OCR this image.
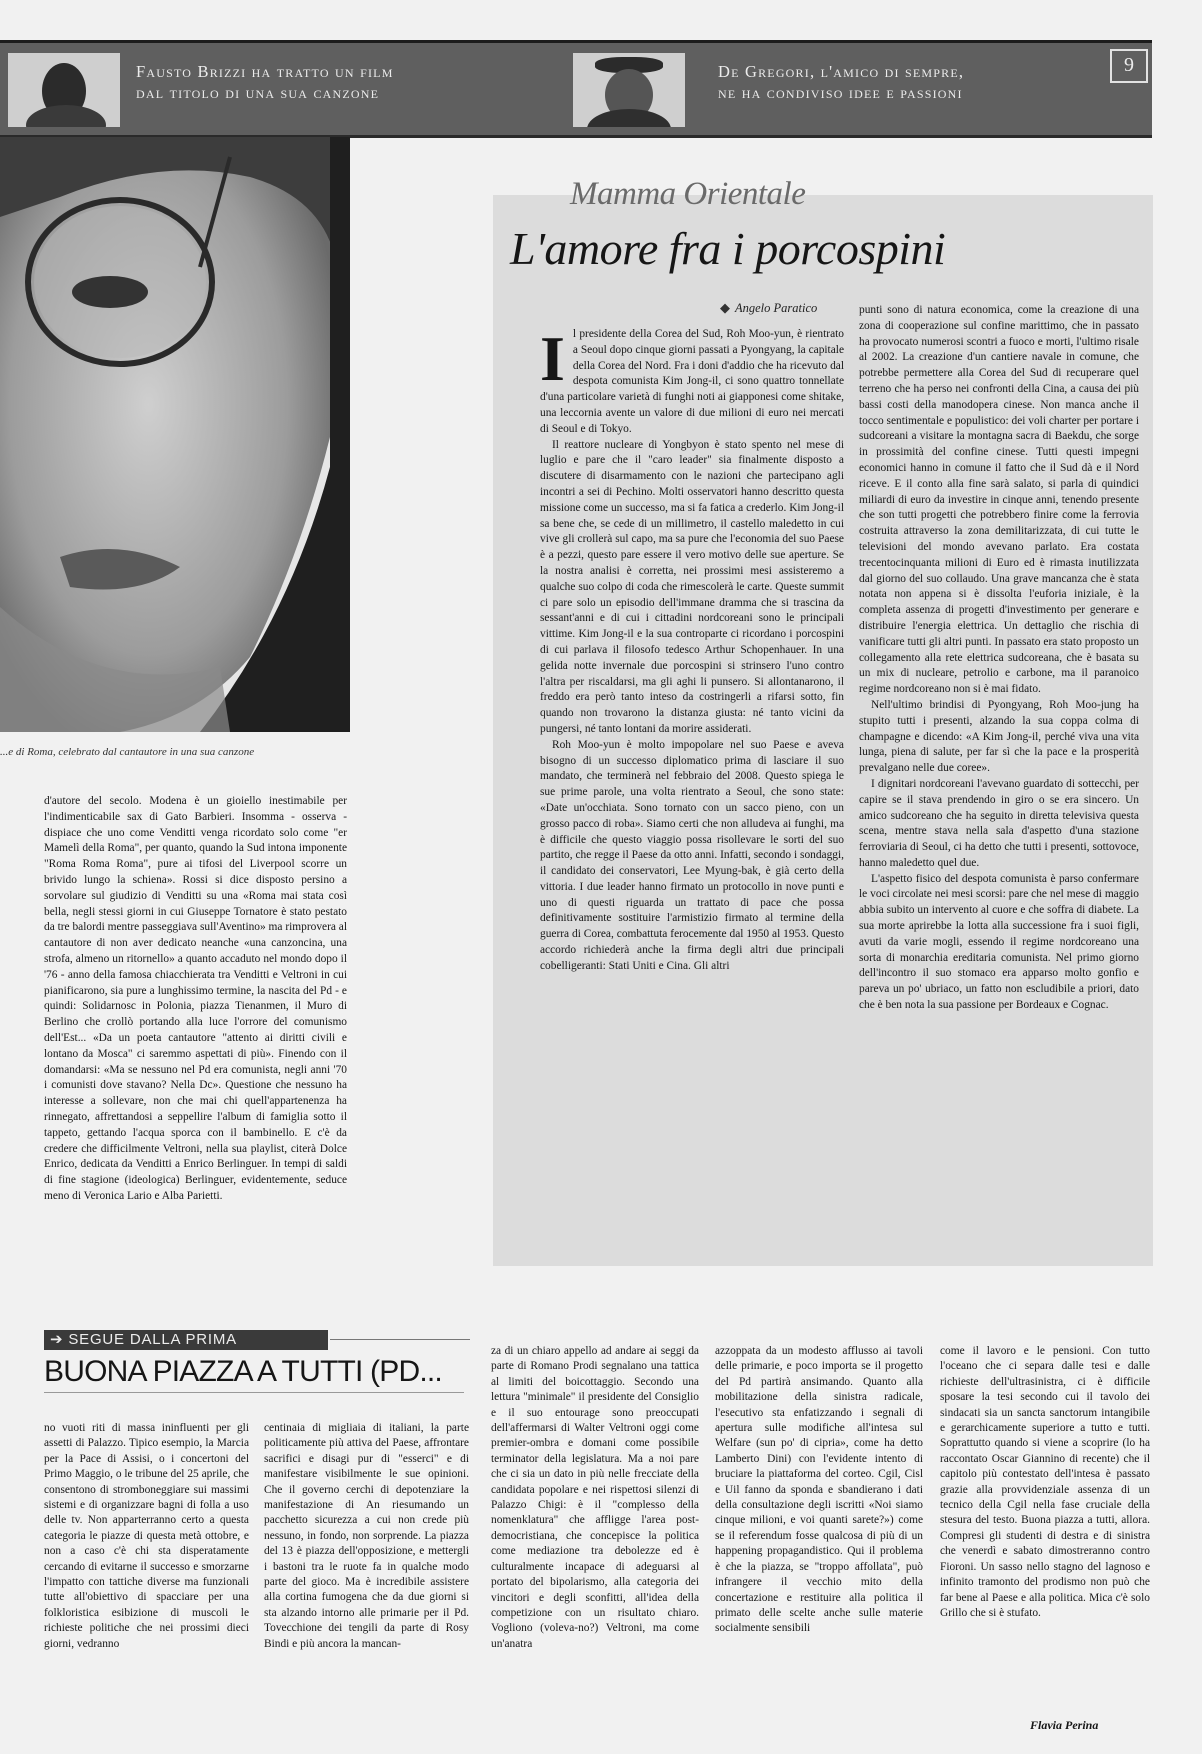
Fausto Brizzi ha tratto un film
dal titolo di una sua canzone
De Gregori, l'amico di sempre,
ne ha condiviso idee e passioni
9
...e di Roma, celebrato dal cantautore in una sua canzone

d'autore del secolo. Modena è un gioiello inestimabile per l'indimenticabile sax di Gato Barbieri. Insomma - osserva - dispiace che uno come Venditti venga ricordato solo come "er Mamelì della Roma", per quanto, quando la Sud intona imponente "Roma Roma Roma", pure ai tifosi del Liverpool scorre un brivido lungo la schiena». Rossi si dice disposto persino a sorvolare sul giudizio di Venditti su una «Roma mai stata così bella, negli stessi giorni in cui Giuseppe Tornatore è stato pestato da tre balordi mentre passeggiava sull'Aventino» ma rimprovera al cantautore di non aver dedicato neanche «una canzoncina, una strofa, almeno un ritornello» a quanto accaduto nel mondo dopo il '76 - anno della famosa chiacchierata tra Venditti e Veltroni in cui pianificarono, sia pure a lunghissimo termine, la nascita del Pd - e quindi: Solidarnosc in Polonia, piazza Tienanmen, il Muro di Berlino che crollò portando alla luce l'orrore del comunismo dell'Est... «Da un poeta cantautore "attento ai diritti civili e lontano da Mosca" ci saremmo aspettati di più». Finendo con il domandarsi: «Ma se nessuno nel Pd era comunista, negli anni '70 i comunisti dove stavano? Nella Dc». Questione che nessuno ha interesse a sollevare, non che mai chi quell'appartenenza ha rinnegato, affrettandosi a seppellire l'album di famiglia sotto il tappeto, gettando l'acqua sporca con il bambinello. E c'è da credere che difficilmente Veltroni, nella sua playlist, citerà Dolce Enrico, dedicata da Venditti a Enrico Berlinguer. In tempi di saldi di fine stagione (ideologica) Berlinguer, evidentemente, seduce meno di Veronica Lario e Alba Parietti.

Mamma Orientale
L'amore fra i porcospini
◆ Angelo Paratico

Il presidente della Corea del Sud, Roh Moo-yun, è rientrato a Seoul dopo cinque giorni passati a Pyongyang, la capitale della Corea del Nord. Fra i doni d'addio che ha ricevuto dal despota comunista Kim Jong-il, ci sono quattro tonnellate d'una particolare varietà di funghi noti ai giapponesi come shitake, una leccornia avente un valore di due milioni di euro nei mercati di Seoul e di Tokyo.

Il reattore nucleare di Yongbyon è stato spento nel mese di luglio e pare che il "caro leader" sia finalmente disposto a discutere di disarmamento con le nazioni che partecipano agli incontri a sei di Pechino. Molti osservatori hanno descritto questa missione come un successo, ma si fa fatica a crederlo. Kim Jong-il sa bene che, se cede di un millimetro, il castello maledetto in cui vive gli crollerà sul capo, ma sa pure che l'economia del suo Paese è a pezzi, questo pare essere il vero motivo delle sue aperture. Se la nostra analisi è corretta, nei prossimi mesi assisteremo a qualche suo colpo di coda che rimescolerà le carte. Queste summit ci pare solo un episodio dell'immane dramma che si trascina da sessant'anni e di cui i cittadini nordcoreani sono le principali vittime. Kim Jong-il e la sua controparte ci ricordano i porcospini di cui parlava il filosofo tedesco Arthur Schopenhauer. In una gelida notte invernale due porcospini si strinsero l'uno contro l'altra per riscaldarsi, ma gli aghi li punsero. Si allontanarono, il freddo era però tanto inteso da costringerli a rifarsi sotto, fin quando non trovarono la distanza giusta: né tanto vicini da pungersi, né tanto lontani da morire assiderati.

Roh Moo-yun è molto impopolare nel suo Paese e aveva bisogno di un successo diplomatico prima di lasciare il suo mandato, che terminerà nel febbraio del 2008. Questo spiega le sue prime parole, una volta rientrato a Seoul, che sono state: «Date un'occhiata. Sono tornato con un sacco pieno, con un grosso pacco di roba». Siamo certi che non alludeva ai funghi, ma è difficile che questo viaggio possa risollevare le sorti del suo partito, che regge il Paese da otto anni. Infatti, secondo i sondaggi, il candidato dei conservatori, Lee Myung-bak, è già certo della vittoria. I due leader hanno firmato un protocollo in nove punti e uno di questi riguarda un trattato di pace che possa definitivamente sostituire l'armistizio firmato al termine della guerra di Corea, combattuta ferocemente dal 1950 al 1953. Questo accordo richiederà anche la firma degli altri due principali cobelligeranti: Stati Uniti e Cina. Gli altri

punti sono di natura economica, come la creazione di una zona di cooperazione sul confine marittimo, che in passato ha provocato numerosi scontri a fuoco e morti, l'ultimo risale al 2002. La creazione d'un cantiere navale in comune, che potrebbe permettere alla Corea del Sud di recuperare quel terreno che ha perso nei confronti della Cina, a causa dei più bassi costi della manodopera cinese. Non manca anche il tocco sentimentale e populistico: dei voli charter per portare i sudcoreani a visitare la montagna sacra di Baekdu, che sorge in prossimità del confine cinese. Tutti questi impegni economici hanno in comune il fatto che il Sud dà e il Nord riceve. E il conto alla fine sarà salato, si parla di quindici miliardi di euro da investire in cinque anni, tenendo presente che son tutti progetti che potrebbero finire come la ferrovia costruita attraverso la zona demilitarizzata, di cui tutte le televisioni del mondo avevano parlato. Era costata trecentocinquanta milioni di Euro ed è rimasta inutilizzata dal giorno del suo collaudo. Una grave mancanza che è stata notata non appena si è dissolta l'euforia iniziale, è la completa assenza di progetti d'investimento per generare e distribuire l'energia elettrica. Un dettaglio che rischia di vanificare tutti gli altri punti. In passato era stato proposto un collegamento alla rete elettrica sudcoreana, che è basata su un mix di nucleare, petrolio e carbone, ma il paranoico regime nordcoreano non si è mai fidato.

Nell'ultimo brindisi di Pyongyang, Roh Moo-jung ha stupito tutti i presenti, alzando la sua coppa colma di champagne e dicendo: «A Kim Jong-il, perché viva una vita lunga, piena di salute, per far sì che la pace e la prosperità prevalgano nelle due coree».

I dignitari nordcoreani l'avevano guardato di sottecchi, per capire se il stava prendendo in giro o se era sincero. Un amico sudcoreano che ha seguito in diretta televisiva questa scena, mentre stava nella sala d'aspetto d'una stazione ferroviaria di Seoul, ci ha detto che tutti i presenti, sottovoce, hanno maledetto quel due.

L'aspetto fisico del despota comunista è parso confermare le voci circolate nei mesi scorsi: pare che nel mese di maggio abbia subito un intervento al cuore e che soffra di diabete. La sua morte aprirebbe la lotta alla successione fra i suoi figli, avuti da varie mogli, essendo il regime nordcoreano una sorta di monarchia ereditaria comunista. Nel primo giorno dell'incontro il suo stomaco era apparso molto gonfio e pareva un po' ubriaco, un fatto non escludibile a priori, dato che è ben nota la sua passione per Bordeaux e Cognac.

➔ SEGUE DALLA PRIMA
BUONA PIAZZA A TUTTI (PD...
no vuoti riti di massa ininfluenti per gli assetti di Palazzo. Tipico esempio, la Marcia per la Pace di Assisi, o i concertoni del Primo Maggio, o le tribune del 25 aprile, che consentono di stromboneggiare sui massimi sistemi e di organizzare bagni di folla a uso delle tv. Non apparterranno certo a questa categoria le piazze di questa metà ottobre, e non a caso c'è chi sta disperatamente cercando di evitarne il successo e smorzarne l'impatto con tattiche diverse ma funzionali tutte all'obiettivo di spacciare per una folkloristica esibizione di muscoli le richieste politiche che nei prossimi dieci giorni, vedranno
centinaia di migliaia di italiani, la parte politicamente più attiva del Paese, affrontare sacrifici e disagi pur di "esserci" e di manifestare visibilmente le sue opinioni. Che il governo cerchi di depotenziare la manifestazione di An riesumando un pacchetto sicurezza a cui non crede più nessuno, in fondo, non sorprende. La piazza del 13 è piazza dell'opposizione, e mettergli i bastoni tra le ruote fa in qualche modo parte del gioco. Ma è incredibile assistere alla cortina fumogena che da due giorni si sta alzando intorno alle primarie per il Pd. Tovecchione dei tengili da parte di Rosy Bindi e più ancora la mancan-
za di un chiaro appello ad andare ai seggi da parte di Romano Prodi segnalano una tattica al limiti del boicottaggio. Secondo una lettura "minimale" il presidente del Consiglio e il suo entourage sono preoccupati dell'affermarsi di Walter Veltroni oggi come premier-ombra e domani come possibile terminator della legislatura. Ma a noi pare che ci sia un dato in più nelle frecciate della candidata popolare e nei rispettosi silenzi di Palazzo Chigi: è il "complesso della nomenklatura" che affligge l'area post-democristiana, che concepisce la politica come mediazione tra debolezze ed è culturalmente incapace di adeguarsi al portato del bipolarismo, alla categoria dei vincitori e degli sconfitti, all'idea della competizione con un risultato chiaro. Vogliono (voleva-no?) Veltroni, ma come un'anatra
azzoppata da un modesto afflusso ai tavoli delle primarie, e poco importa se il progetto del Pd partirà ansimando. Quanto alla mobilitazione della sinistra radicale, l'esecutivo sta enfatizzando i segnali di apertura sulle modifiche all'intesa sul Welfare (sun po' di cipria», come ha detto Lamberto Dini) con l'evidente intento di bruciare la piattaforma del corteo. Cgil, Cisl e Uil fanno da sponda e sbandierano i dati della consultazione degli iscritti «Noi siamo cinque milioni, e voi quanti sarete?») come se il referendum fosse qualcosa di più di un happening propagandistico. Qui il problema è che la piazza, se "troppo affollata", può infrangere il vecchio mito della concertazione e restituire alla politica il primato delle scelte anche sulle materie socialmente sensibili
come il lavoro e le pensioni. Con tutto l'oceano che ci separa dalle tesi e dalle richieste dell'ultrasinistra, ci è difficile sposare la tesi secondo cui il tavolo dei sindacati sia un sancta sanctorum intangibile e gerarchicamente superiore a tutto e tutti. Soprattutto quando si viene a scoprire (lo ha raccontato Oscar Giannino di recente) che il capitolo più contestato dell'intesa è passato grazie alla provvidenziale assenza di un tecnico della Cgil nella fase cruciale della stesura del testo. Buona piazza a tutti, allora. Compresi gli studenti di destra e di sinistra che venerdì e sabato dimostreranno contro Fioroni. Un sasso nello stagno del lagnoso e infinito tramonto del prodismo non può che far bene al Paese e alla politica. Mica c'è solo Grillo che si è stufato.
Flavia Perina
